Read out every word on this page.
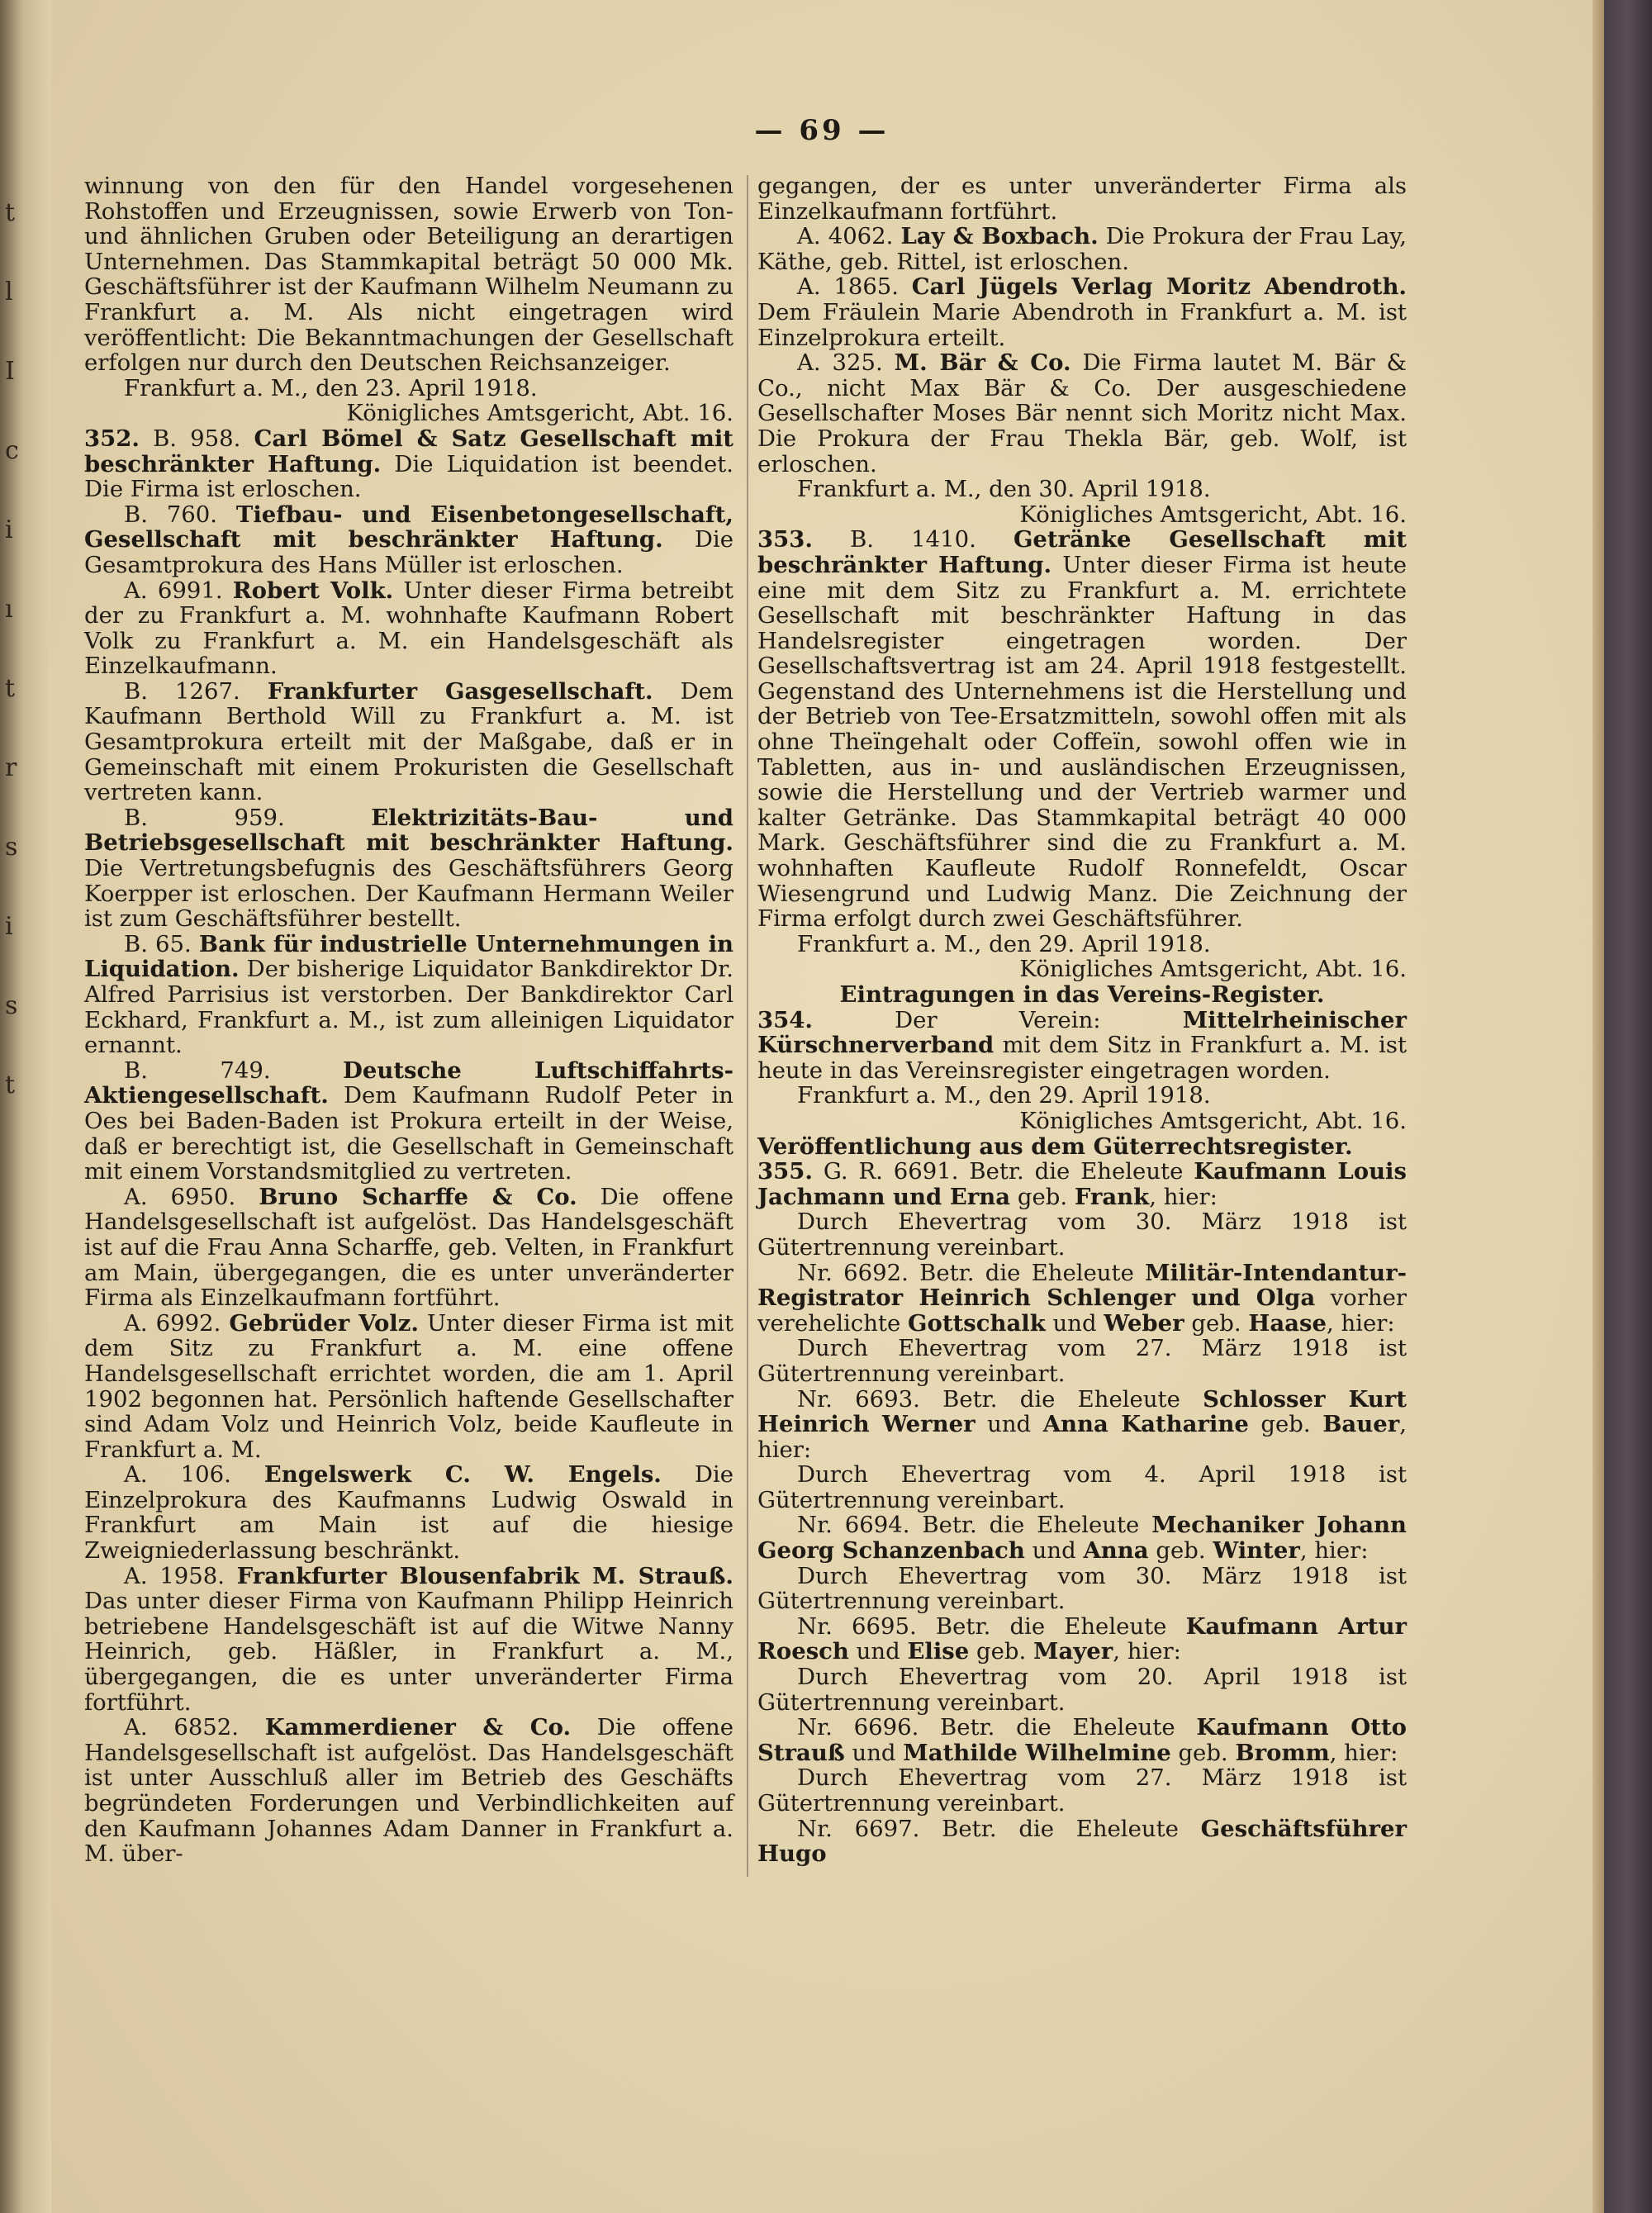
t
l
I
c
i
ı
t
r
s
i
s
t
— 69 —

winnung von den für den Handel vorgesehenen Rohstoffen und Erzeugnissen, sowie Erwerb von Ton- und ähnlichen Gruben oder Beteiligung an derartigen Unternehmen. Das Stammkapital beträgt 50 000 Mk. Geschäftsführer ist der Kaufmann Wilhelm Neumann zu Frankfurt a. M. Als nicht eingetragen wird veröffentlicht: Die Bekanntmachungen der Gesellschaft erfolgen nur durch den Deutschen Reichsanzeiger.

Frankfurt a. M., den 23. April 1918.

Königliches Amtsgericht, Abt. 16.

352. B. 958. Carl Bömel & Satz Gesellschaft mit beschränkter Haftung. Die Liquidation ist beendet. Die Firma ist erloschen.

B. 760. Tiefbau- und Eisenbetongesellschaft, Gesellschaft mit beschränkter Haftung. Die Gesamtprokura des Hans Müller ist erloschen.

A. 6991. Robert Volk. Unter dieser Firma betreibt der zu Frankfurt a. M. wohnhafte Kaufmann Robert Volk zu Frankfurt a. M. ein Handelsgeschäft als Einzelkaufmann.

B. 1267. Frankfurter Gasgesellschaft. Dem Kaufmann Berthold Will zu Frankfurt a. M. ist Gesamtprokura erteilt mit der Maßgabe, daß er in Gemeinschaft mit einem Prokuristen die Gesellschaft vertreten kann.

B. 959. Elektrizitäts-Bau- und Betriebsgesellschaft mit beschränkter Haftung. Die Vertretungsbefugnis des Geschäftsführers Georg Koerpper ist erloschen. Der Kaufmann Hermann Weiler ist zum Geschäftsführer bestellt.

B. 65. Bank für industrielle Unternehmungen in Liquidation. Der bisherige Liquidator Bankdirektor Dr. Alfred Parrisius ist verstorben. Der Bankdirektor Carl Eckhard, Frankfurt a. M., ist zum alleinigen Liquidator ernannt.

B. 749. Deutsche Luftschiffahrts-Aktiengesellschaft. Dem Kaufmann Rudolf Peter in Oes bei Baden-Baden ist Prokura erteilt in der Weise, daß er berechtigt ist, die Gesellschaft in Gemeinschaft mit einem Vorstandsmitglied zu vertreten.

A. 6950. Bruno Scharffe & Co. Die offene Handelsgesellschaft ist aufgelöst. Das Handelsgeschäft ist auf die Frau Anna Scharffe, geb. Velten, in Frankfurt am Main, übergegangen, die es unter unveränderter Firma als Einzelkaufmann fortführt.

A. 6992. Gebrüder Volz. Unter dieser Firma ist mit dem Sitz zu Frankfurt a. M. eine offene Handelsgesellschaft errichtet worden, die am 1. April 1902 begonnen hat. Persönlich haftende Gesellschafter sind Adam Volz und Heinrich Volz, beide Kaufleute in Frankfurt a. M.

A. 106. Engelswerk C. W. Engels. Die Einzelprokura des Kaufmanns Ludwig Oswald in Frankfurt am Main ist auf die hiesige Zweigniederlassung beschränkt.

A. 1958. Frankfurter Blousenfabrik M. Strauß. Das unter dieser Firma von Kaufmann Philipp Heinrich betriebene Handelsgeschäft ist auf die Witwe Nanny Heinrich, geb. Häßler, in Frankfurt a. M., übergegangen, die es unter unveränderter Firma fortführt.

A. 6852. Kammerdiener & Co. Die offene Handelsgesellschaft ist aufgelöst. Das Handelsgeschäft ist unter Ausschluß aller im Betrieb des Geschäfts begründeten Forderungen und Verbindlichkeiten auf den Kaufmann Johannes Adam Danner in Frankfurt a. M. über-

gegangen, der es unter unveränderter Firma als Einzelkaufmann fortführt.

A. 4062. Lay & Boxbach. Die Prokura der Frau Lay, Käthe, geb. Rittel, ist erloschen.

A. 1865. Carl Jügels Verlag Moritz Abendroth. Dem Fräulein Marie Abendroth in Frankfurt a. M. ist Einzelprokura erteilt.

A. 325. M. Bär & Co. Die Firma lautet M. Bär & Co., nicht Max Bär & Co. Der ausgeschiedene Gesellschafter Moses Bär nennt sich Moritz nicht Max. Die Prokura der Frau Thekla Bär, geb. Wolf, ist erloschen.

Frankfurt a. M., den 30. April 1918.

Königliches Amtsgericht, Abt. 16.

353. B. 1410. Getränke Gesellschaft mit beschränkter Haftung. Unter dieser Firma ist heute eine mit dem Sitz zu Frankfurt a. M. errichtete Gesellschaft mit beschränkter Haftung in das Handelsregister eingetragen worden. Der Gesellschaftsvertrag ist am 24. April 1918 festgestellt. Gegenstand des Unternehmens ist die Herstellung und der Betrieb von Tee-Ersatzmitteln, sowohl offen mit als ohne Theïngehalt oder Coffeïn, sowohl offen wie in Tabletten, aus in- und ausländischen Erzeugnissen, sowie die Herstellung und der Vertrieb warmer und kalter Getränke. Das Stammkapital beträgt 40 000 Mark. Geschäftsführer sind die zu Frankfurt a. M. wohnhaften Kaufleute Rudolf Ronnefeldt, Oscar Wiesengrund und Ludwig Manz. Die Zeichnung der Firma erfolgt durch zwei Geschäftsführer.

Frankfurt a. M., den 29. April 1918.

Königliches Amtsgericht, Abt. 16.

Eintragungen in das Vereins-Register.

354. Der Verein: Mittelrheinischer Kürschnerverband mit dem Sitz in Frankfurt a. M. ist heute in das Vereinsregister eingetragen worden.

Frankfurt a. M., den 29. April 1918.

Königliches Amtsgericht, Abt. 16.

Veröffentlichung aus dem Güterrechtsregister.

355. G. R. 6691. Betr. die Eheleute Kaufmann Louis Jachmann und Erna geb. Frank, hier:

Durch Ehevertrag vom 30. März 1918 ist Gütertrennung vereinbart.

Nr. 6692. Betr. die Eheleute Militär-Intendantur-Registrator Heinrich Schlenger und Olga vorher verehelichte Gottschalk und Weber geb. Haase, hier:

Durch Ehevertrag vom 27. März 1918 ist Gütertrennung vereinbart.

Nr. 6693. Betr. die Eheleute Schlosser Kurt Heinrich Werner und Anna Katharine geb. Bauer, hier:

Durch Ehevertrag vom 4. April 1918 ist Gütertrennung vereinbart.

Nr. 6694. Betr. die Eheleute Mechaniker Johann Georg Schanzenbach und Anna geb. Winter, hier:

Durch Ehevertrag vom 30. März 1918 ist Gütertrennung vereinbart.

Nr. 6695. Betr. die Eheleute Kaufmann Artur Roesch und Elise geb. Mayer, hier:

Durch Ehevertrag vom 20. April 1918 ist Gütertrennung vereinbart.

Nr. 6696. Betr. die Eheleute Kaufmann Otto Strauß und Mathilde Wilhelmine geb. Bromm, hier:

Durch Ehevertrag vom 27. März 1918 ist Gütertrennung vereinbart.

Nr. 6697. Betr. die Eheleute Geschäftsführer Hugo
